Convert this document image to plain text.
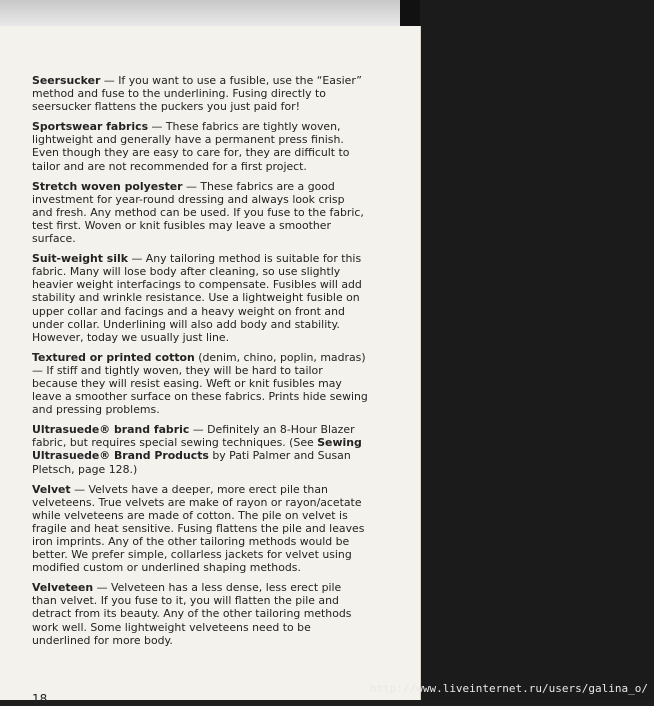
Seersucker — If you want to use a fusible, use the “Easier” method and fuse to the underlining. Fusing directly to seersucker flattens the puckers you just paid for!

Sportswear fabrics — These fabrics are tightly woven, lightweight and generally have a permanent press finish. Even though they are easy to care for, they are difficult to tailor and are not recommended for a first project.

Stretch woven polyester — These fabrics are a good investment for year-round dressing and always look crisp and fresh. Any method can be used. If you fuse to the fabric, test first. Woven or knit fusibles may leave a smoother surface.

Suit-weight silk — Any tailoring method is suitable for this fabric. Many will lose body after cleaning, so use slightly heavier weight interfacings to compensate. Fusibles will add stability and wrinkle resistance. Use a lightweight fusible on upper collar and facings and a heavy weight on front and under collar. Underlining will also add body and stability. However, today we usually just line.

Textured or printed cotton (denim, chino, poplin, madras) — If stiff and tightly woven, they will be hard to tailor because they will resist easing. Weft or knit fusibles may leave a smoother surface on these fabrics. Prints hide sewing and pressing problems.

Ultrasuede® brand fabric — Definitely an 8-Hour Blazer fabric, but requires special sewing techniques. (See Sewing Ultrasuede® Brand Products by Pati Palmer and Susan Pletsch, page 128.)

Velvet — Velvets have a deeper, more erect pile than velveteens. True velvets are make of rayon or rayon/acetate while velveteens are made of cotton. The pile on velvet is fragile and heat sensitive. Fusing flattens the pile and leaves iron imprints. Any of the other tailoring methods would be better. We prefer simple, collarless jackets for velvet using modified custom or underlined shaping methods.

Velveteen — Velveteen has a less dense, less erect pile than velvet. If you fuse to it, you will flatten the pile and detract from its beauty. Any of the other tailoring methods work well. Some lightweight velveteens need to be underlined for more body.

18
http://www.liveinternet.ru/users/galina_o/
